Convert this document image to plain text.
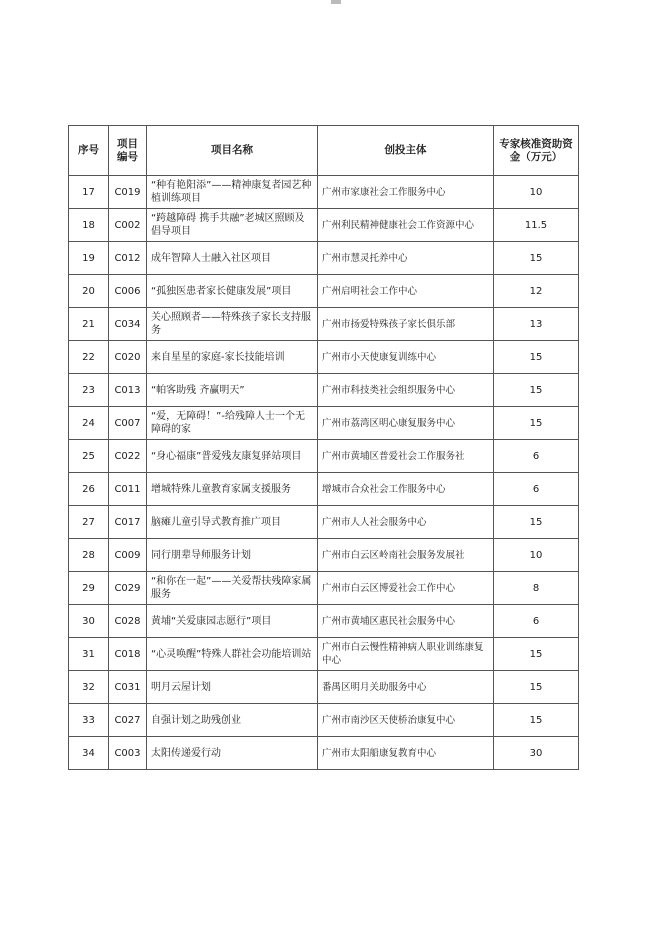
序号	项目编号	项目名称	创投主体	专家核准资助资金（万元）
17	C019	“种有艳阳添”——精神康复者园艺种植训练项目	广州市家康社会工作服务中心	10
18	C002	“跨越障碍 携手共融”老城区照顾及倡导项目	广州利民精神健康社会工作资源中心	11.5
19	C012	成年智障人士融入社区项目	广州市慧灵托养中心	15
20	C006	“孤独医患者家长健康发展”项目	广州启明社会工作中心	12
21	C034	关心照顾者——特殊孩子家长支持服务	广州市扬爱特殊孩子家长俱乐部	13
22	C020	来自星星的家庭-家长技能培训	广州市小天使康复训练中心	15
23	C013	“帕客助残 齐赢明天”	广州市科技类社会组织服务中心	15
24	C007	“爱，无障碍！”-给残障人士一个无障碍的家	广州市荔湾区明心康复服务中心	15
25	C022	“身心福康”普爱残友康复驿站项目	广州市黄埔区普爱社会工作服务社	6
26	C011	增城特殊儿童教育家属支援服务	增城市合众社会工作服务中心	6
27	C017	脑瘫儿童引导式教育推广项目	广州市人人社会服务中心	15
28	C009	同行朋辈导师服务计划	广州市白云区岭南社会服务发展社	10
29	C029	“和你在一起”——关爱帮扶残障家属服务	广州市白云区博爱社会工作中心	8
30	C028	黄埔“关爱康园志愿行”项目	广州市黄埔区惠民社会服务中心	6
31	C018	“心灵唤醒”特殊人群社会功能培训站	广州市白云慢性精神病人职业训练康复中心	15
32	C031	明月云屋计划	番禺区明月关助服务中心	15
33	C027	自强计划之助残创业	广州市南沙区天使桥治康复中心	15
34	C003	太阳传递爱行动	广州市太阳船康复教育中心	30
